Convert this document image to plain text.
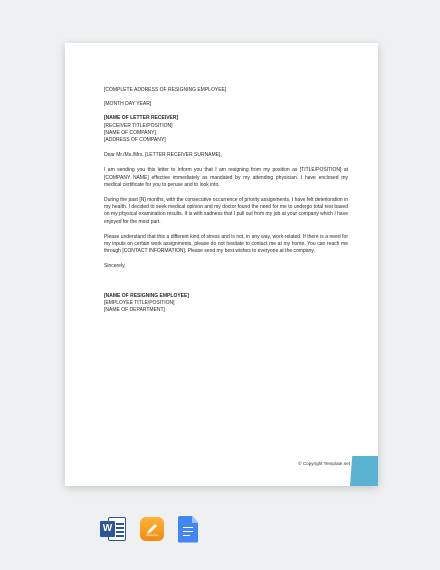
[COMPLETE ADDRESS OF RESIGNING EMPLOYEE]
[MONTH DAY YEAR]
[NAME OF LETTER RECEIVER]
[RECEIVER TITLE/POSITION]
[NAME OF COMPANY]
[ADDRESS OF COMPANY]
Dear Mr./Ms./Mrs. [LETTER RECEIVER SURNAME],

I am sending you this letter to inform you that I am resigning from my position as [TITLE/POSITION] at [COMPANY NAME] effective immediately as mandated by my attending physician. I have enclosed my medical certificate for you to peruse and to look into.

During the past [N] months, with the consecutive occurrence of priority assignments, I have felt deterioration in my health. I decided to seek medical opinion and my doctor found the need for me to undergo total rest based on my physical examination results. It is with sadness that I pull out from my job at your company which I have enjoyed for the most part.

Please understand that this a different kind of stress and is not, in any way, work-related. If there is a need for my inputs on certain work assignments, please do not hesitate to contact me at my home. You can reach me through [CONTACT INFORMATION]. Please send my best wishes to everyone at the company.

Sincerely,
[NAME OF RESIGNING EMPLOYEE]
[EMPLOYEE TITLE/POSITION]
[NAME OF DEPARTMENT]
© Copyright Template.net
W
